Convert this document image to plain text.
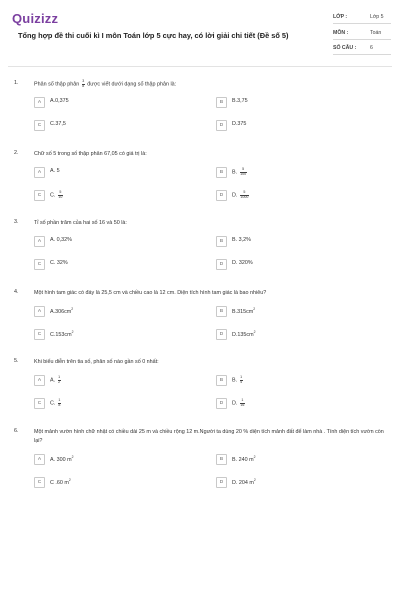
Quizizz
Tổng hợp đề thi cuối kì I môn Toán lớp 5 cực hay, có lời giải chi tiết (Đề số 5)
LỚP :	Lớp 5
MÔN :	Toán
SỐ CÂU :	6
1.	Phân số thập phân $\frac{3}{8}$ được viết dưới dạng số thập phân là:
A	A.0,375	B	B.3,75
C	C.37,5	D	D.375
2.	Chữ số 5 trong số thập phân 67,05 có giá trị là:
A	A. 5	B	B. $\frac{5}{100}$
C	C. $\frac{5}{10}$	D	D. $\frac{5}{1000}$
3.	Tỉ số phần trăm của hai số 16 và 50 là:
A	A. 0,32%	B	B. 3,2%
C	C. 32%	D	D. 320%
4.	Một hình tam giác có đáy là 25,5 cm và chiều cao là 12 cm. Diện tích hình tam giác là bao nhiêu?
A	$A.306cm^2$	B	$B.315cm^2$
C	$C.153cm^2$	D	$D.135cm^2$
5.	Khi biểu diễn trên tia số, phân số nào gần số 0 nhất:
A	A. $\frac{1}{2}$	B	B. $\frac{1}{4}$
C	C. $\frac{1}{8}$	D	D. $\frac{1}{16}$
6.	Một mảnh vườn hình chữ nhật có chiều dài 25 m và chiều rộng 12 m.Người ta dùng 20 % diện tích mảnh đất để làm nhà . Tính diện tích vườn còn lại?
A	A. 300 $m^2$	B	B. 240 $m^2$
C	C .60 $m^2$	D	D. 204 $m^2$
